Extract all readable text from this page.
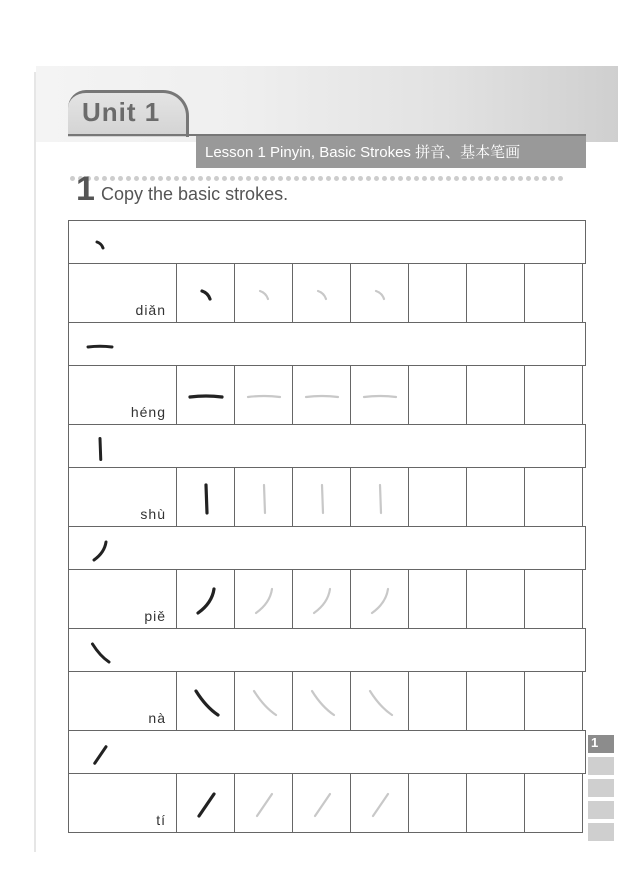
Unit 1
Lesson 1 Pinyin, Basic Strokes 拼音、基本笔画
1 Copy the basic strokes.
diǎn
héng
shù
piě
nà
tí
1
